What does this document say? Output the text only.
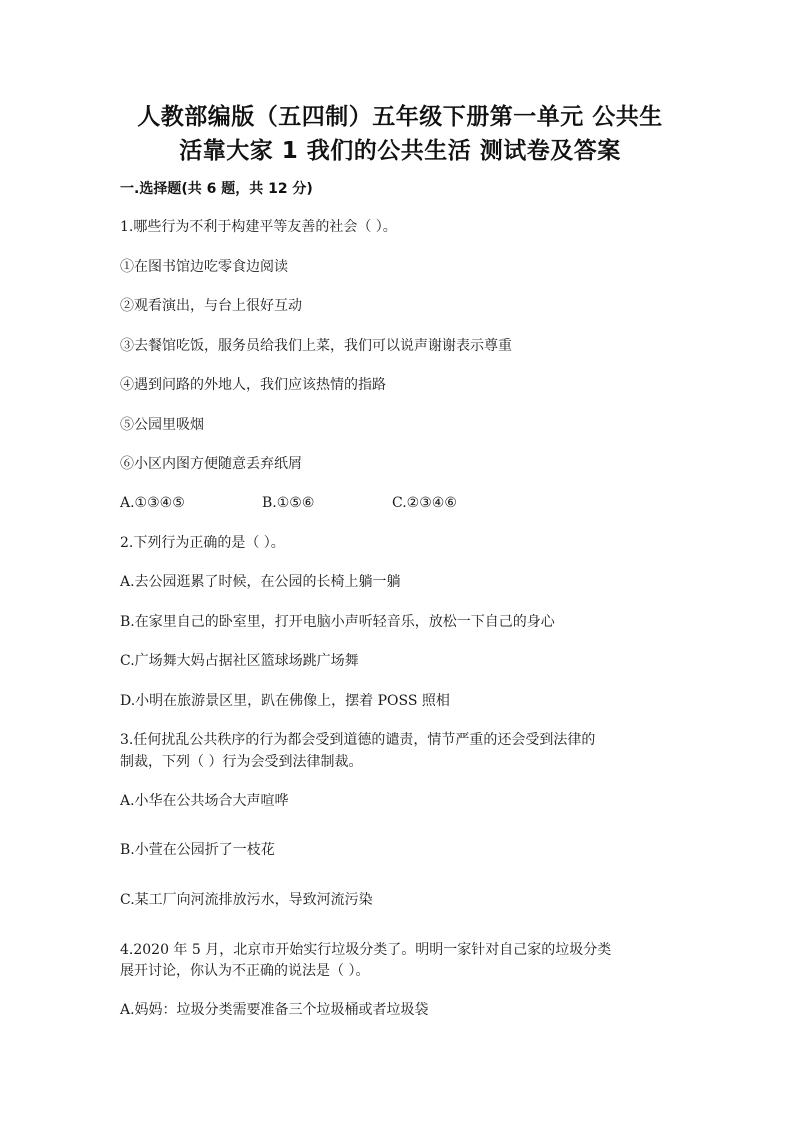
人教部编版（五四制）五年级下册第一单元 公共生
活靠大家 1 我们的公共生活 测试卷及答案
一.选择题(共 6 题，共 12 分)
1.哪些行为不利于构建平等友善的社会（ ）。
①在图书馆边吃零食边阅读
②观看演出，与台上很好互动
③去餐馆吃饭，服务员给我们上菜，我们可以说声谢谢表示尊重
④遇到问路的外地人，我们应该热情的指路
⑤公园里吸烟
⑥小区内图方便随意丢弃纸屑
A.①③④⑤	B.①⑤⑥	C.②③④⑥
2.下列行为正确的是（ ）。
A.去公园逛累了时候，在公园的长椅上躺一躺
B.在家里自己的卧室里，打开电脑小声听轻音乐，放松一下自己的身心
C.广场舞大妈占据社区篮球场跳广场舞
D.小明在旅游景区里，趴在佛像上，摆着 POSS 照相
3.任何扰乱公共秩序的行为都会受到道德的谴责，情节严重的还会受到法律的
制裁，下列（ ）行为会受到法律制裁。
A.小华在公共场合大声喧哗
B.小萱在公园折了一枝花
C.某工厂向河流排放污水，导致河流污染
4.2020 年 5 月，北京市开始实行垃圾分类了。明明一家针对自己家的垃圾分类
展开讨论，你认为不正确的说法是（ ）。
A.妈妈：垃圾分类需要准备三个垃圾桶或者垃圾袋
